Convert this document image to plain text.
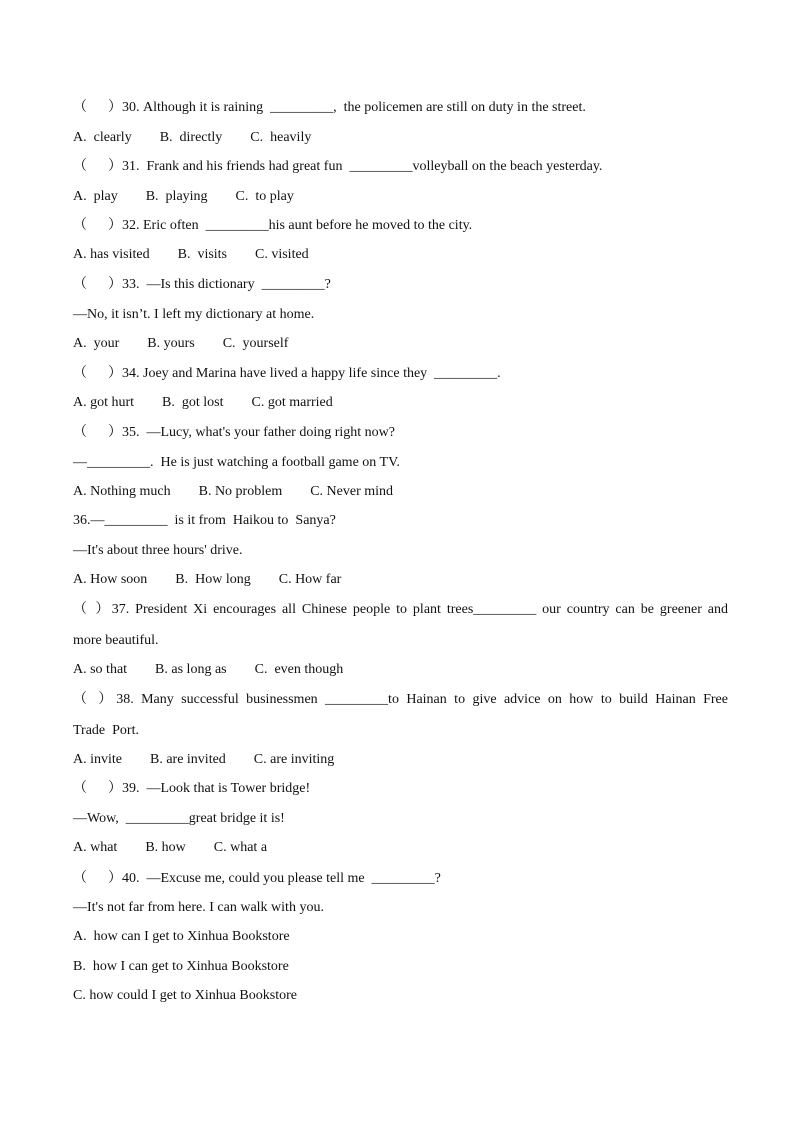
（      ）30. Although it is raining  _________,  the policemen are still on duty in the street.
A.  clearly        B.  directly        C.  heavily
（      ）31.  Frank and his friends had great fun  _________volleyball on the beach yesterday.
A.  play        B.  playing        C.  to play
（      ）32. Eric often  _________his aunt before he moved to the city.
A. has visited        B.  visits        C. visited
（      ）33.  —Is this dictionary  _________?
—No, it isn’t. I left my dictionary at home.
A.  your        B. yours        C.  yourself
（      ）34. Joey and Marina have lived a happy life since they  _________.
A. got hurt        B.  got lost        C. got married
（      ）35.  —Lucy, what's your father doing right now?
—_________.  He is just watching a football game on TV.
A. Nothing much        B. No problem        C. Never mind
36.—_________  is it from  Haikou to  Sanya?
—It's about three hours' drive.
A. How soon        B.  How long        C. How far
（ ）37. President Xi encourages all Chinese people to plant trees_________ our country can be greener and
more beautiful.
A. so that        B. as long as        C.  even though
（ ）38. Many successful businessmen _________to Hainan to give advice on how to build Hainan Free
Trade  Port.
A. invite        B. are invited        C. are inviting
（      ）39.  —Look that is Tower bridge!
—Wow,  _________great bridge it is!
A. what        B. how        C. what a
（      ）40.  —Excuse me, could you please tell me  _________?
—It's not far from here. I can walk with you.
A.  how can I get to Xinhua Bookstore
B.  how I can get to Xinhua Bookstore
C. how could I get to Xinhua Bookstore
